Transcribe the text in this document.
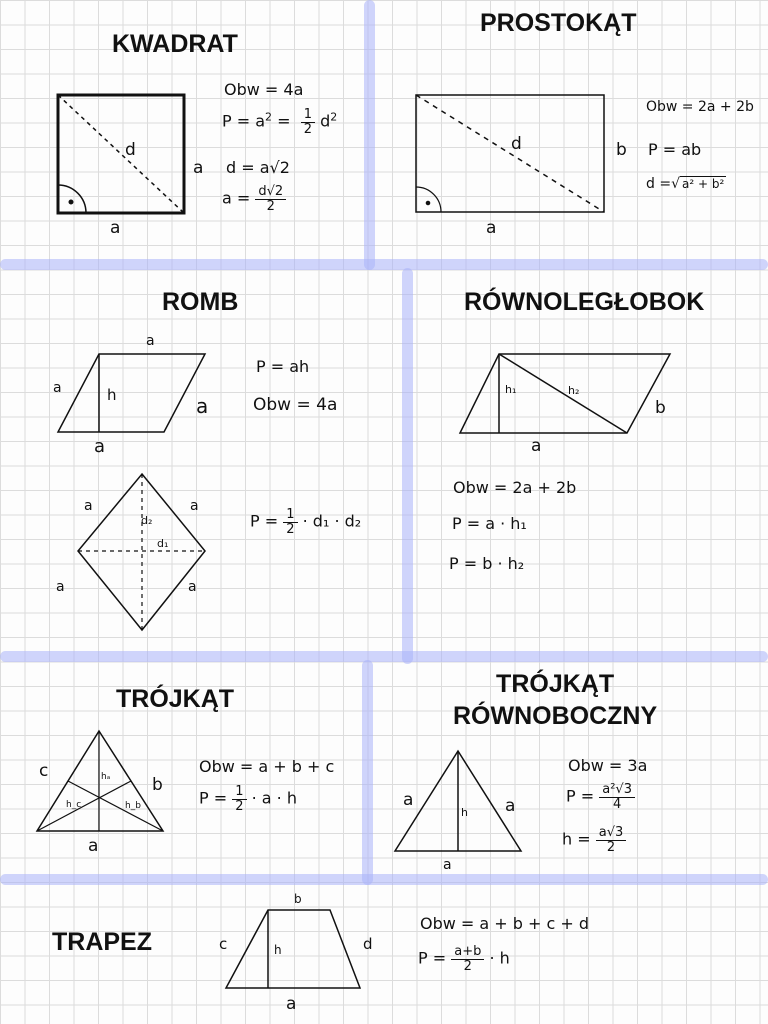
KWADRAT
a
a
d
Obw = 4a
$P = a^2 = \frac{1}{2} d^2$
d = a√2
$a = \frac{d√2}{2}$
PROSTOKĄT
a
b
d
Obw = 2a + 2b
P = ab
d =√ a² + b²
ROMB
a
a
a
a
h
P = ah
Obw = 4a
a	a
a	a
d₂
d₁
$P = \frac{1}{2} \cdot d_1 \cdot d_2$
RÓWNOLEGŁOBOK
a
b
h₁	h₂
Obw = 2a + 2b
P = a · h₁
P = b · h₂
TRÓJKĄT
c
b
a
hₐ
h_b
h_c
Obw = a + b + c
$P = \frac{1}{2} \cdot a \cdot h$
TRÓJKĄT
RÓWNOBOCZNY
a	a
a
h
Obw = 3a
$P = \frac{\text{a²√3}}{4}$
$h = \frac{a√3}{2}$
TRAPEZ
b
c	d
h
a
Obw = a + b + c + d
$P = \frac{a+b}{2} \cdot h$
